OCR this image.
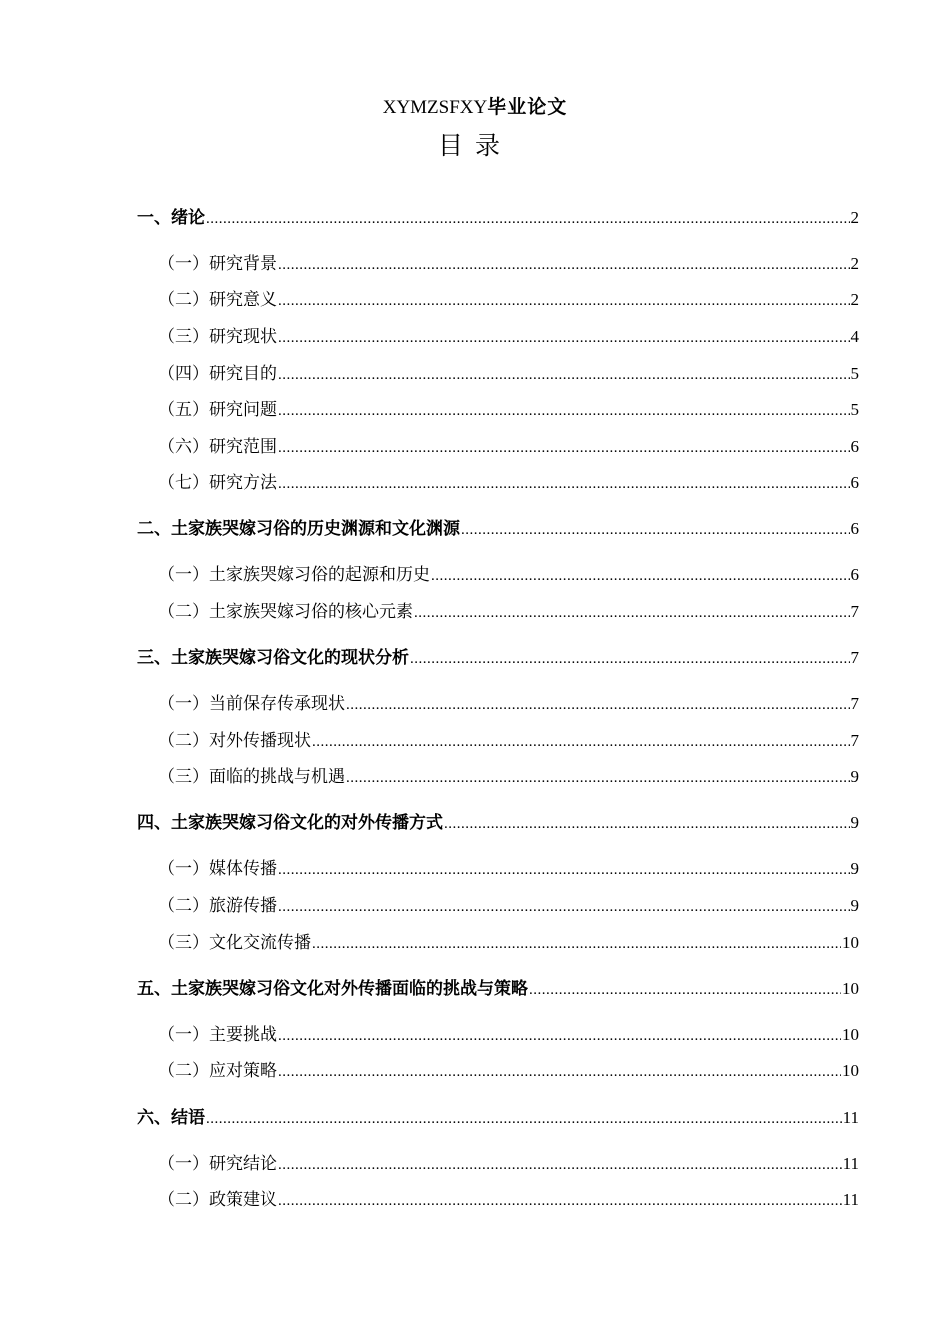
XYMZSFXY毕业论文
目录
一、绪论 .....	2
（一）研究背景 .....	2
（二）研究意义 .....	2
（三）研究现状 .....	4
（四）研究目的 .....	5
（五）研究问题 .....	5
（六）研究范围 .....	6
（七）研究方法 .....	6
二、土家族哭嫁习俗的历史渊源和文化渊源 .....	6
（一）土家族哭嫁习俗的起源和历史 .....	6
（二）土家族哭嫁习俗的核心元素 .....	7
三、土家族哭嫁习俗文化的现状分析 .....	7
（一）当前保存传承现状 .....	7
（二）对外传播现状 .....	7
（三）面临的挑战与机遇 .....	9
四、土家族哭嫁习俗文化的对外传播方式 .....	9
（一）媒体传播 .....	9
（二）旅游传播 .....	9
（三）文化交流传播 .....	10
五、土家族哭嫁习俗文化对外传播面临的挑战与策略 .....	10
（一）主要挑战 .....	10
（二）应对策略 .....	10
六、结语 .....	11
（一）研究结论 .....	11
（二）政策建议 .....	11
